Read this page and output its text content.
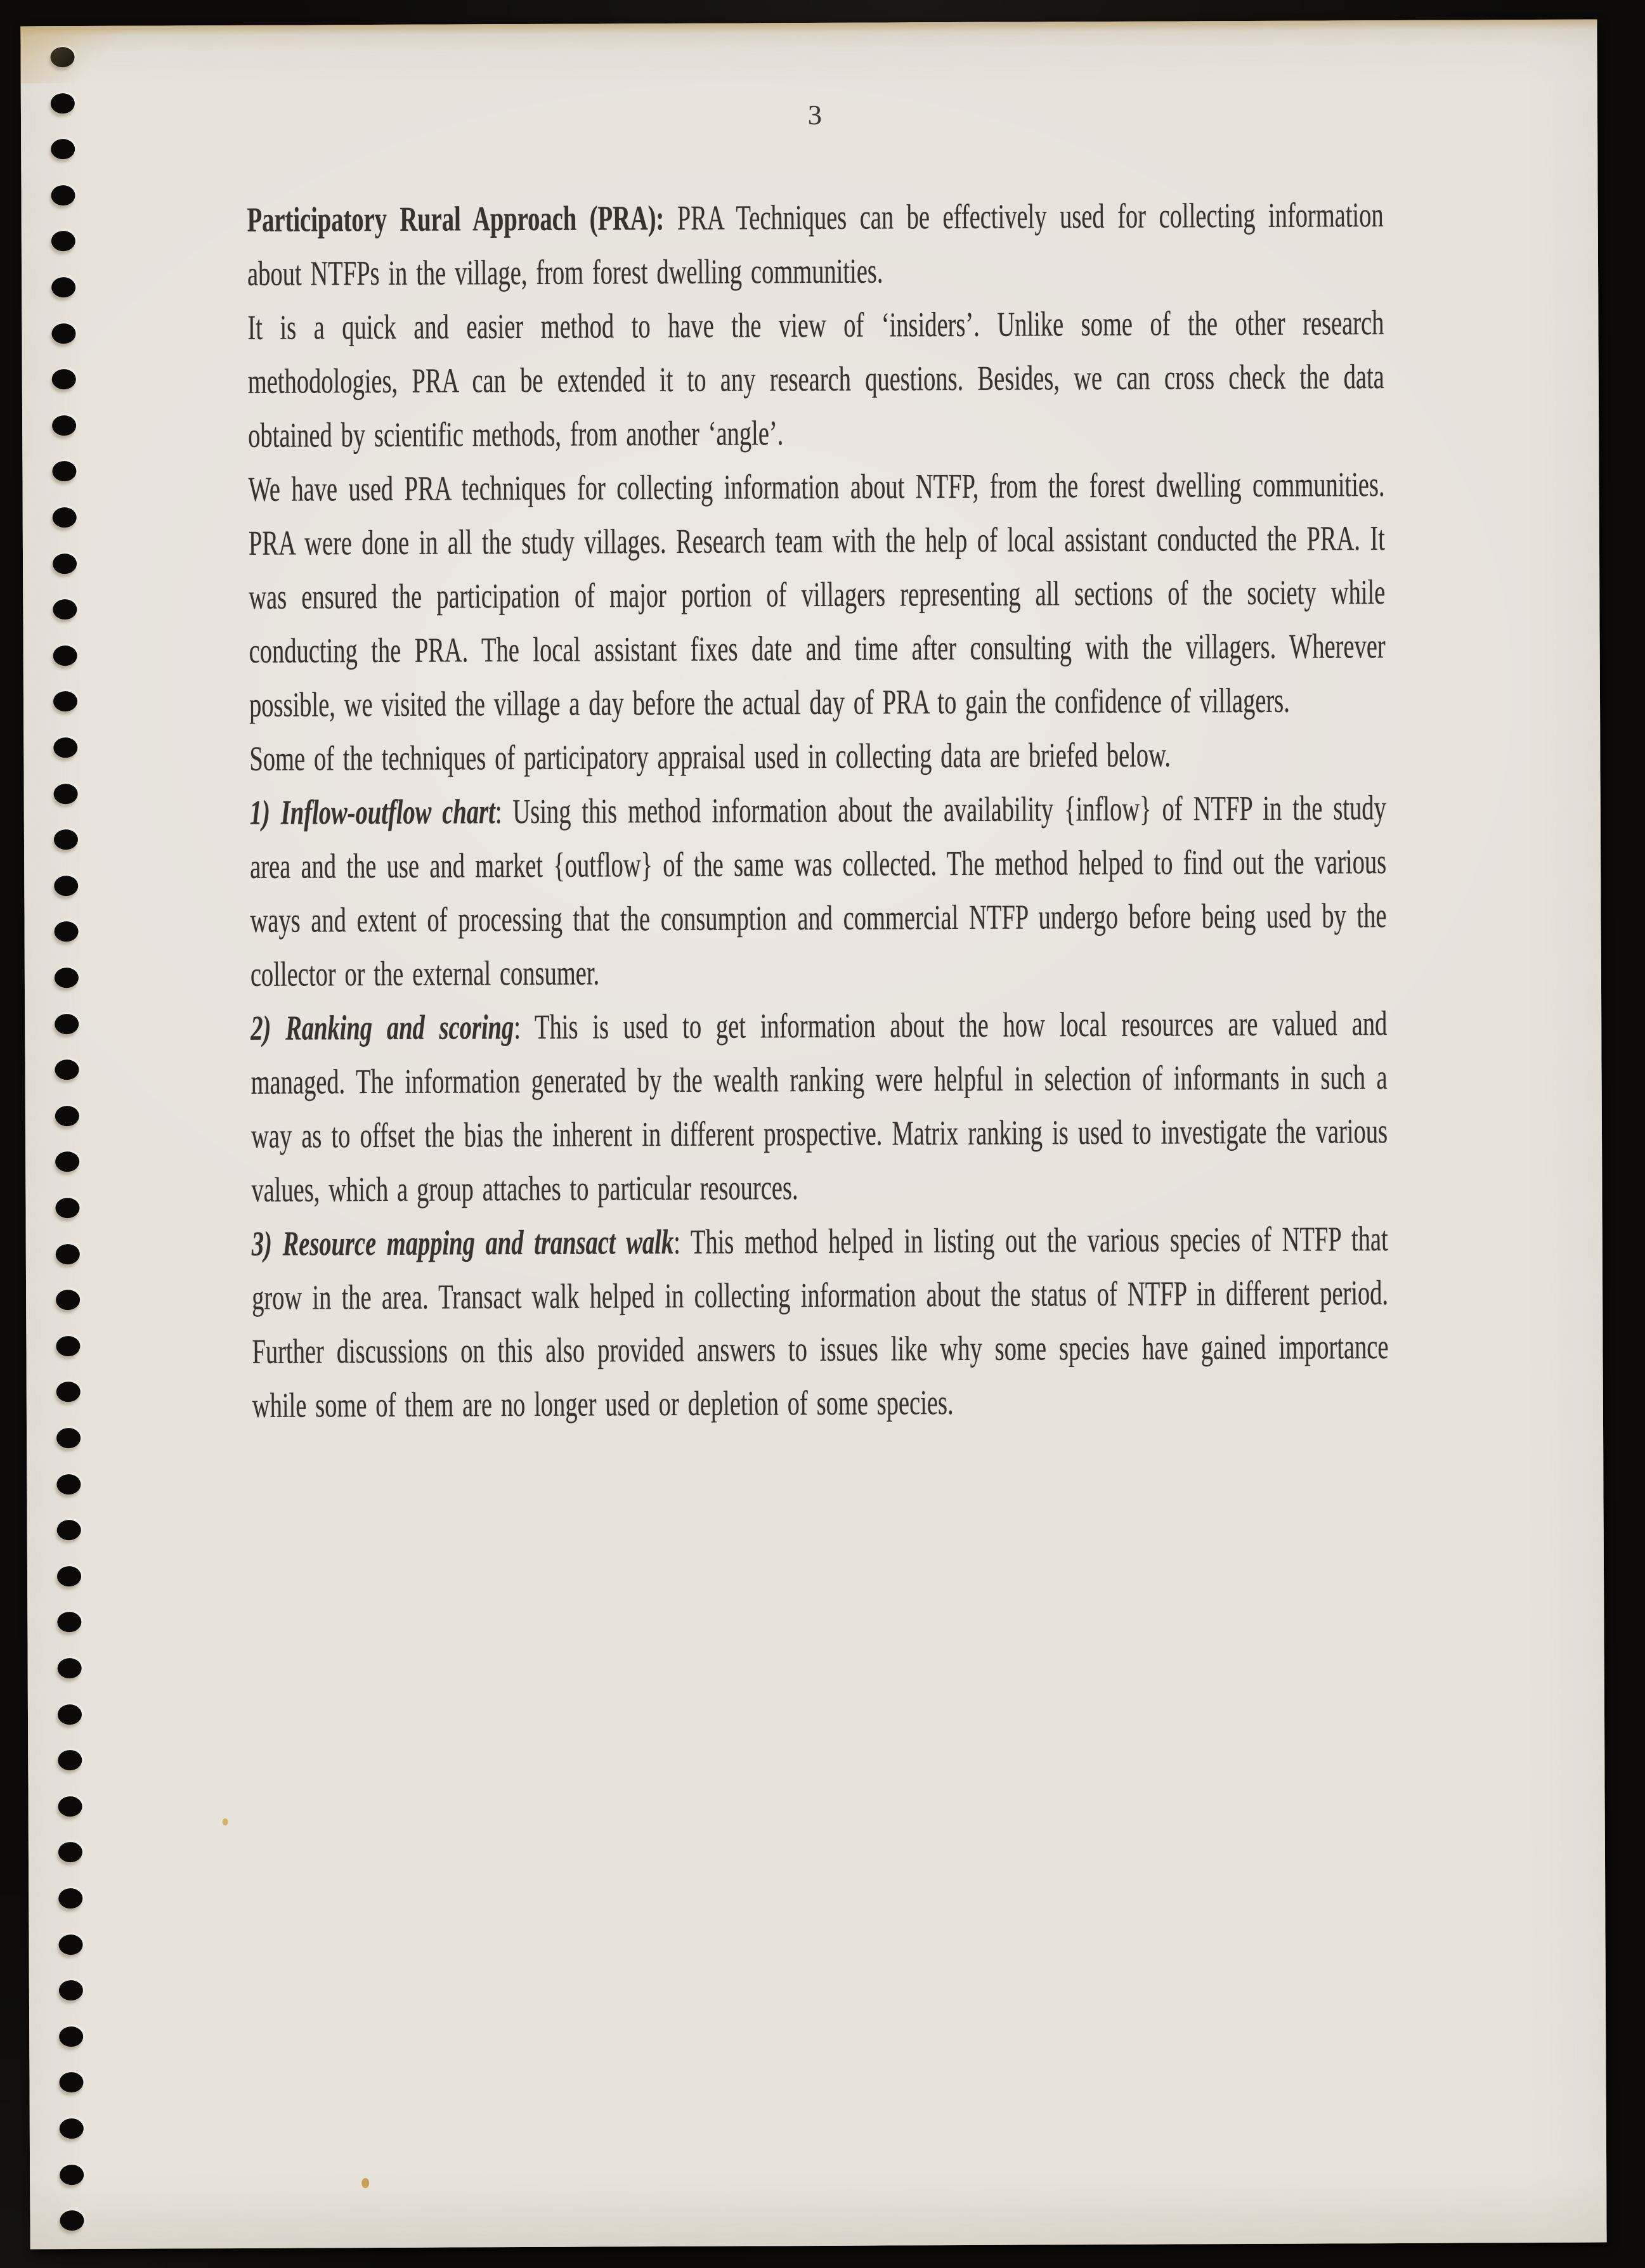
3

Participatory Rural Approach (PRA): PRA Techniques can be effectively used for collecting information about NTFPs in the village, from forest dwelling communities.

It is a quick and easier method to have the view of ‘insiders’. Unlike some of the other research methodologies, PRA can be extended it to any research questions. Besides, we can cross check the data obtained by scientific methods, from another ‘angle’.

We have used PRA techniques for collecting information about NTFP, from the forest dwelling communities. PRA were done in all the study villages. Research team with the help of local assistant conducted the PRA. It was ensured the participation of major portion of villagers representing all sections of the society while conducting the PRA. The local assistant fixes date and time after consulting with the villagers. Wherever possible, we visited the village a day before the actual day of PRA to gain the confidence of villagers.

Some of the techniques of participatory appraisal used in collecting data are briefed below.

1) Inflow-outflow chart: Using this method information about the availability {inflow} of NTFP in the study area and the use and market {outflow} of the same was collected. The method helped to find out the various ways and extent of processing that the consumption and commercial NTFP undergo before being used by the collector or the external consumer.

2) Ranking and scoring: This is used to get information about the how local resources are valued and managed. The information generated by the wealth ranking were helpful in selection of informants in such a way as to offset the bias the inherent in different prospective. Matrix ranking is used to investigate the various values, which a group attaches to particular resources.

3) Resource mapping and transact walk: This method helped in listing out the various species of NTFP that grow in the area. Transact walk helped in collecting information about the status of NTFP in different period. Further discussions on this also provided answers to issues like why some species have gained importance while some of them are no longer used or depletion of some species.
